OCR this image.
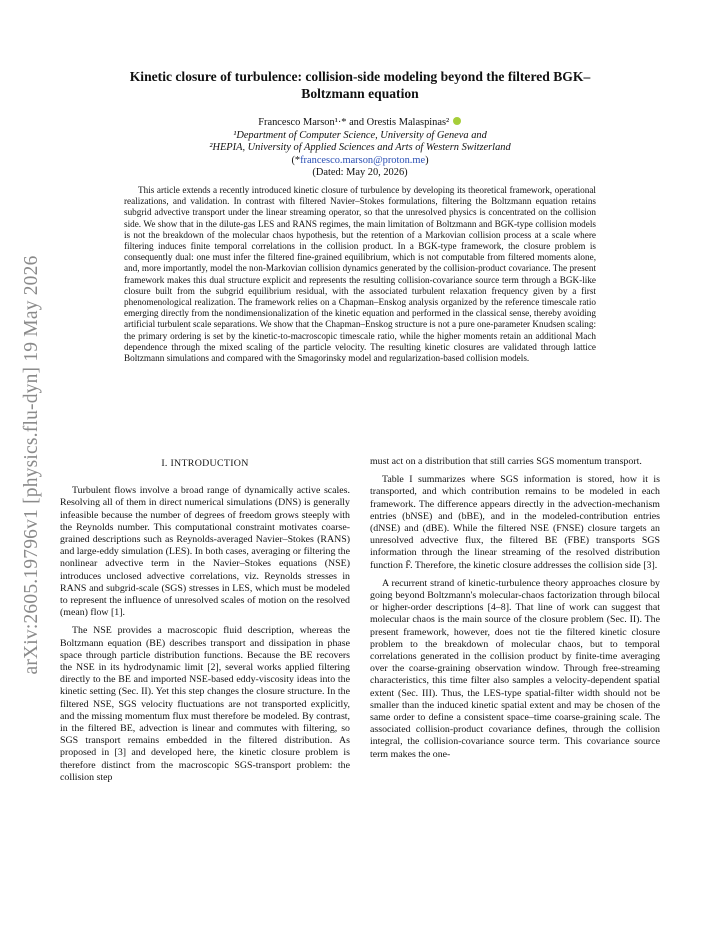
arXiv:2605.19796v1 [physics.flu-dyn] 19 May 2026
Kinetic closure of turbulence: collision-side modeling beyond the filtered BGK–Boltzmann equation
Francesco Marson¹·* and Orestis Malaspinas²
¹Department of Computer Science, University of Geneva and
²HEPIA, University of Applied Sciences and Arts of Western Switzerland
(*francesco.marson@proton.me)
(Dated: May 20, 2026)
This article extends a recently introduced kinetic closure of turbulence by developing its theoretical framework, operational realizations, and validation. In contrast with filtered Navier–Stokes formulations, filtering the Boltzmann equation retains subgrid advective transport under the linear streaming operator, so that the unresolved physics is concentrated on the collision side. We show that in the dilute-gas LES and RANS regimes, the main limitation of Boltzmann and BGK-type collision models is not the breakdown of the molecular chaos hypothesis, but the retention of a Markovian collision process at a scale where filtering induces finite temporal correlations in the collision product. In a BGK-type framework, the closure problem is consequently dual: one must infer the filtered fine-grained equilibrium, which is not computable from filtered moments alone, and, more importantly, model the non-Markovian collision dynamics generated by the collision-product covariance. The present framework makes this dual structure explicit and represents the resulting collision-covariance source term through a BGK-like closure built from the subgrid equilibrium residual, with the associated turbulent relaxation frequency given by a first phenomenological realization. The framework relies on a Chapman–Enskog analysis organized by the reference timescale ratio emerging directly from the nondimensionalization of the kinetic equation and performed in the classical sense, thereby avoiding artificial turbulent scale separations. We show that the Chapman–Enskog structure is not a pure one-parameter Knudsen scaling: the primary ordering is set by the kinetic-to-macroscopic timescale ratio, while the higher moments retain an additional Mach dependence through the mixed scaling of the particle velocity. The resulting kinetic closures are validated through lattice Boltzmann simulations and compared with the Smagorinsky model and regularization-based collision models.
I. INTRODUCTION

Turbulent flows involve a broad range of dynamically active scales. Resolving all of them in direct numerical simulations (DNS) is generally infeasible because the number of degrees of freedom grows steeply with the Reynolds number. This computational constraint motivates coarse-grained descriptions such as Reynolds-averaged Navier–Stokes (RANS) and large-eddy simulation (LES). In both cases, averaging or filtering the nonlinear advective term in the Navier–Stokes equations (NSE) introduces unclosed advective correlations, viz. Reynolds stresses in RANS and subgrid-scale (SGS) stresses in LES, which must be modeled to represent the influence of unresolved scales of motion on the resolved (mean) flow [1].

The NSE provides a macroscopic fluid description, whereas the Boltzmann equation (BE) describes transport and dissipation in phase space through particle distribution functions. Because the BE recovers the NSE in its hydrodynamic limit [2], several works applied filtering directly to the BE and imported NSE-based eddy-viscosity ideas into the kinetic setting (Sec. II). Yet this step changes the closure structure. In the filtered NSE, SGS velocity fluctuations are not transported explicitly, and the missing momentum flux must therefore be modeled. By contrast, in the filtered BE, advection is linear and commutes with filtering, so SGS transport remains embedded in the filtered distribution. As proposed in [3] and developed here, the kinetic closure problem is therefore distinct from the macroscopic SGS-transport problem: the collision step

must act on a distribution that still carries SGS momentum transport.

Table I summarizes where SGS information is stored, how it is transported, and which contribution remains to be modeled in each framework. The difference appears directly in the advection-mechanism entries (bNSE) and (bBE), and in the modeled-contribution entries (dNSE) and (dBE). While the filtered NSE (FNSE) closure targets an unresolved advective flux, the filtered BE (FBE) transports SGS information through the linear streaming of the resolved distribution function F̄. Therefore, the kinetic closure addresses the collision side [3].

A recurrent strand of kinetic-turbulence theory approaches closure by going beyond Boltzmann's molecular-chaos factorization through bilocal or higher-order descriptions [4–8]. That line of work can suggest that molecular chaos is the main source of the closure problem (Sec. II). The present framework, however, does not tie the filtered kinetic closure problem to the breakdown of molecular chaos, but to temporal correlations generated in the collision product by finite-time averaging over the coarse-graining observation window. Through free-streaming characteristics, this time filter also samples a velocity-dependent spatial extent (Sec. III). Thus, the LES-type spatial-filter width should not be smaller than the induced kinetic spatial extent and may be chosen of the same order to define a consistent space–time coarse-graining scale. The associated collision-product covariance defines, through the collision integral, the collision-covariance source term. This covariance source term makes the one-
